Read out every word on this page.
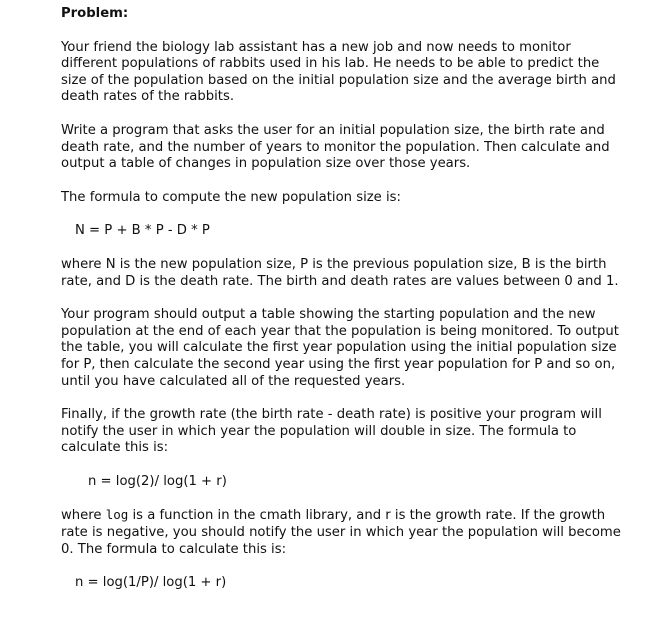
Problem:
Your friend the biology lab assistant has a new job and now needs to monitor different populations of rabbits used in his lab. He needs to be able to predict the size of the population based on the initial population size and the average birth and death rates of the rabbits.
Write a program that asks the user for an initial population size, the birth rate and death rate, and the number of years to monitor the population. Then calculate and output a table of changes in population size over those years.
The formula to compute the new population size is:
N = P + B * P - D * P
where N is the new population size, P is the previous population size, B is the birth rate, and D is the death rate. The birth and death rates are values between 0 and 1.
Your program should output a table showing the starting population and the new population at the end of each year that the population is being monitored. To output the table, you will calculate the first year population using the initial population size for P, then calculate the second year using the first year population for P and so on, until you have calculated all of the requested years.
Finally, if the growth rate (the birth rate - death rate) is positive your program will notify the user in which year the population will double in size. The formula to calculate this is:
n = log(2)/ log(1 + r)
where log is a function in the cmath library, and r is the growth rate. If the growth rate is negative, you should notify the user in which year the population will become 0. The formula to calculate this is:
n = log(1/P)/ log(1 + r)
